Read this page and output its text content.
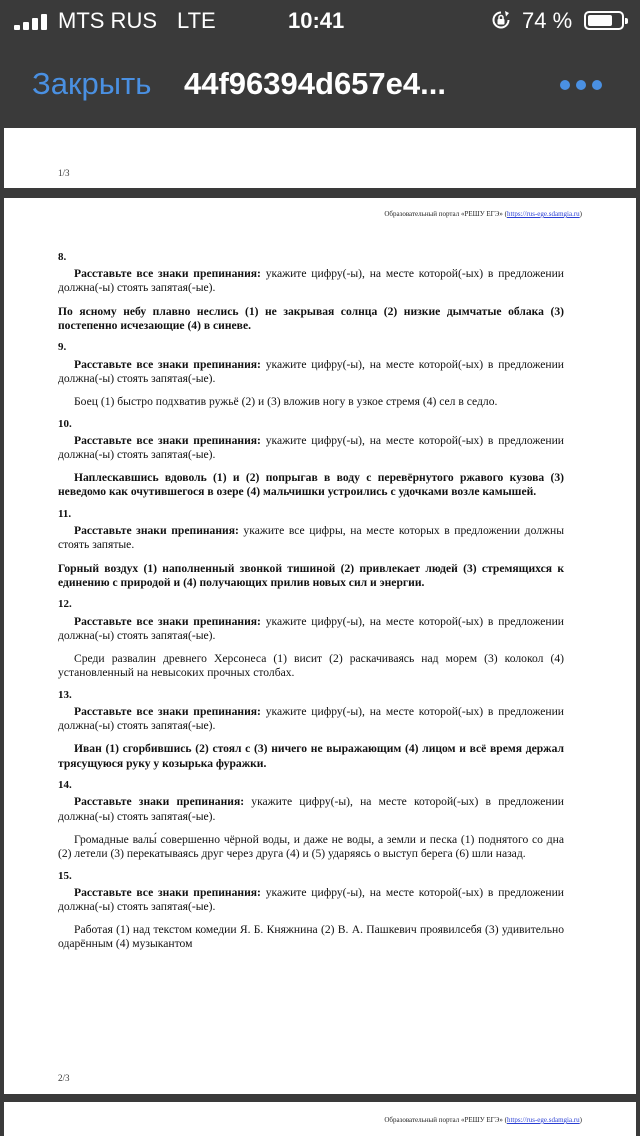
MTS RUS LTE	10:41	74 %
Закрыть 44f96394d657e4...
1/3
Образовательный портал «РЕШУ ЕГЭ» (https://rus-ege.sdamgia.ru)
8.

Расставьте все знаки препинания: укажите цифру(-ы), на месте которой(-ых) в предложении должна(-ы) стоять запятая(-ые).

По ясному небу плавно неслись (1) не закрывая солнца (2) низкие дымчатые облака (3) постепенно исчезающие (4) в синеве.

9.

Расставьте все знаки препинания: укажите цифру(-ы), на месте которой(-ых) в предложении должна(-ы) стоять запятая(-ые).

Боец (1) быстро подхватив ружьё (2) и (3) вложив ногу в узкое стремя (4) сел в седло.

10.

Расставьте все знаки препинания: укажите цифру(-ы), на месте которой(-ых) в предложении должна(-ы) стоять запятая(-ые).

Наплескавшись вдоволь (1) и (2) попрыгав в воду с перевёрнутого ржавого кузова (3) неведомо как очутившегося в озере (4) мальчишки устроились с удочками возле камышей.

11.

Расставьте знаки препинания: укажите все цифры, на месте которых в предложении должны стоять запятые.

Горный воздух (1) наполненный звонкой тишиной (2) привлекает людей (3) стремящихся к единению с природой и (4) получающих прилив новых сил и энергии.

12.

Расставьте все знаки препинания: укажите цифру(-ы), на месте которой(-ых) в предложении должна(-ы) стоять запятая(-ые).

Среди развалин древнего Херсонеса (1) висит (2) раскачиваясь над морем (3) колокол (4) установленный на невысоких прочных столбах.

13.

Расставьте все знаки препинания: укажите цифру(-ы), на месте которой(-ых) в предложении должна(-ы) стоять запятая(-ые).

Иван (1) сгорбившись (2) стоял с (3) ничего не выражающим (4) лицом и всё время держал трясущуюся руку у козырька фуражки.

14.

Расставьте знаки препинания: укажите цифру(-ы), на месте которой(-ых) в предложении должна(-ы) стоять запятая(-ые).

Громадные валы́ совершенно чёрной воды, и даже не воды, а земли и песка (1) поднятого со дна (2) летели (3) перекатываясь друг через друга (4) и (5) ударяясь о выступ берега (6) шли назад.

15.

Расставьте все знаки препинания: укажите цифру(-ы), на месте которой(-ых) в предложении должна(-ы) стоять запятая(-ые).

Работая (1) над текстом комедии Я. Б. Княжнина (2) В. А. Пашкевич проявилсебя (3) удивительно одарённым (4) музыкантом

2/3
Образовательный портал «РЕШУ ЕГЭ» (https://rus-ege.sdamgia.ru)
